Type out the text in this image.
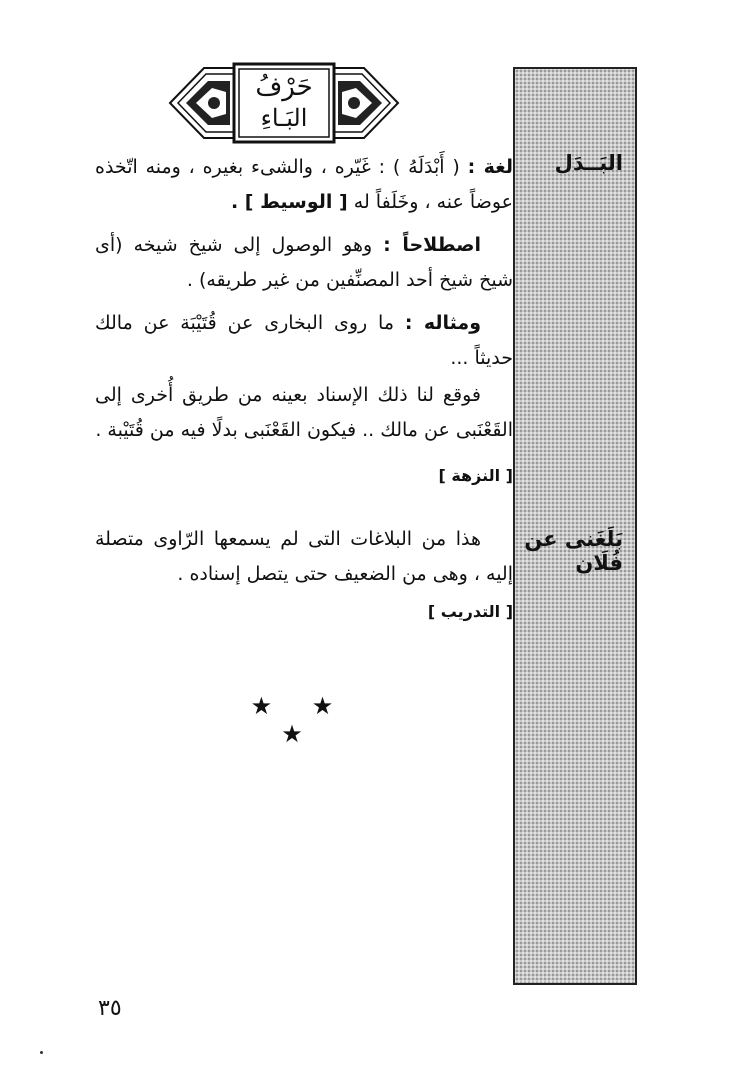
حَرْفُ
البَـاءِ
البَــدَل
بَلَغَنى عن فُلَان
لغة : ( أَبْدَلَهُ ) : غَيّره ، والشىء بغيره ، ومنه اتّخذه عوضاً عنه ، وخَلَفاً له [ الوسيط ] .
اصطلاحاً : وهو الوصول إلى شيخ شيخه (أى شيخ شيخ أحد المصنِّفين من غير طريقه) .
ومثاله : ما روى البخارى عن قُتَيْبَة عن مالك حديثاً ...
فوقع لنا ذلك الإسناد بعينه من طريق أُخرى إلى القَعْنَبى عن مالك .. فيكون القَعْنَبى بدلًا فيه من قُتَيْبة .
[ النزهة ]
هذا من البلاغات التى لم يسمعها الرّاوى متصلة إليه ، وهى من الضعيف حتى يتصل إسناده .
[ التدريب ]
★ ★ ★
٣٥
